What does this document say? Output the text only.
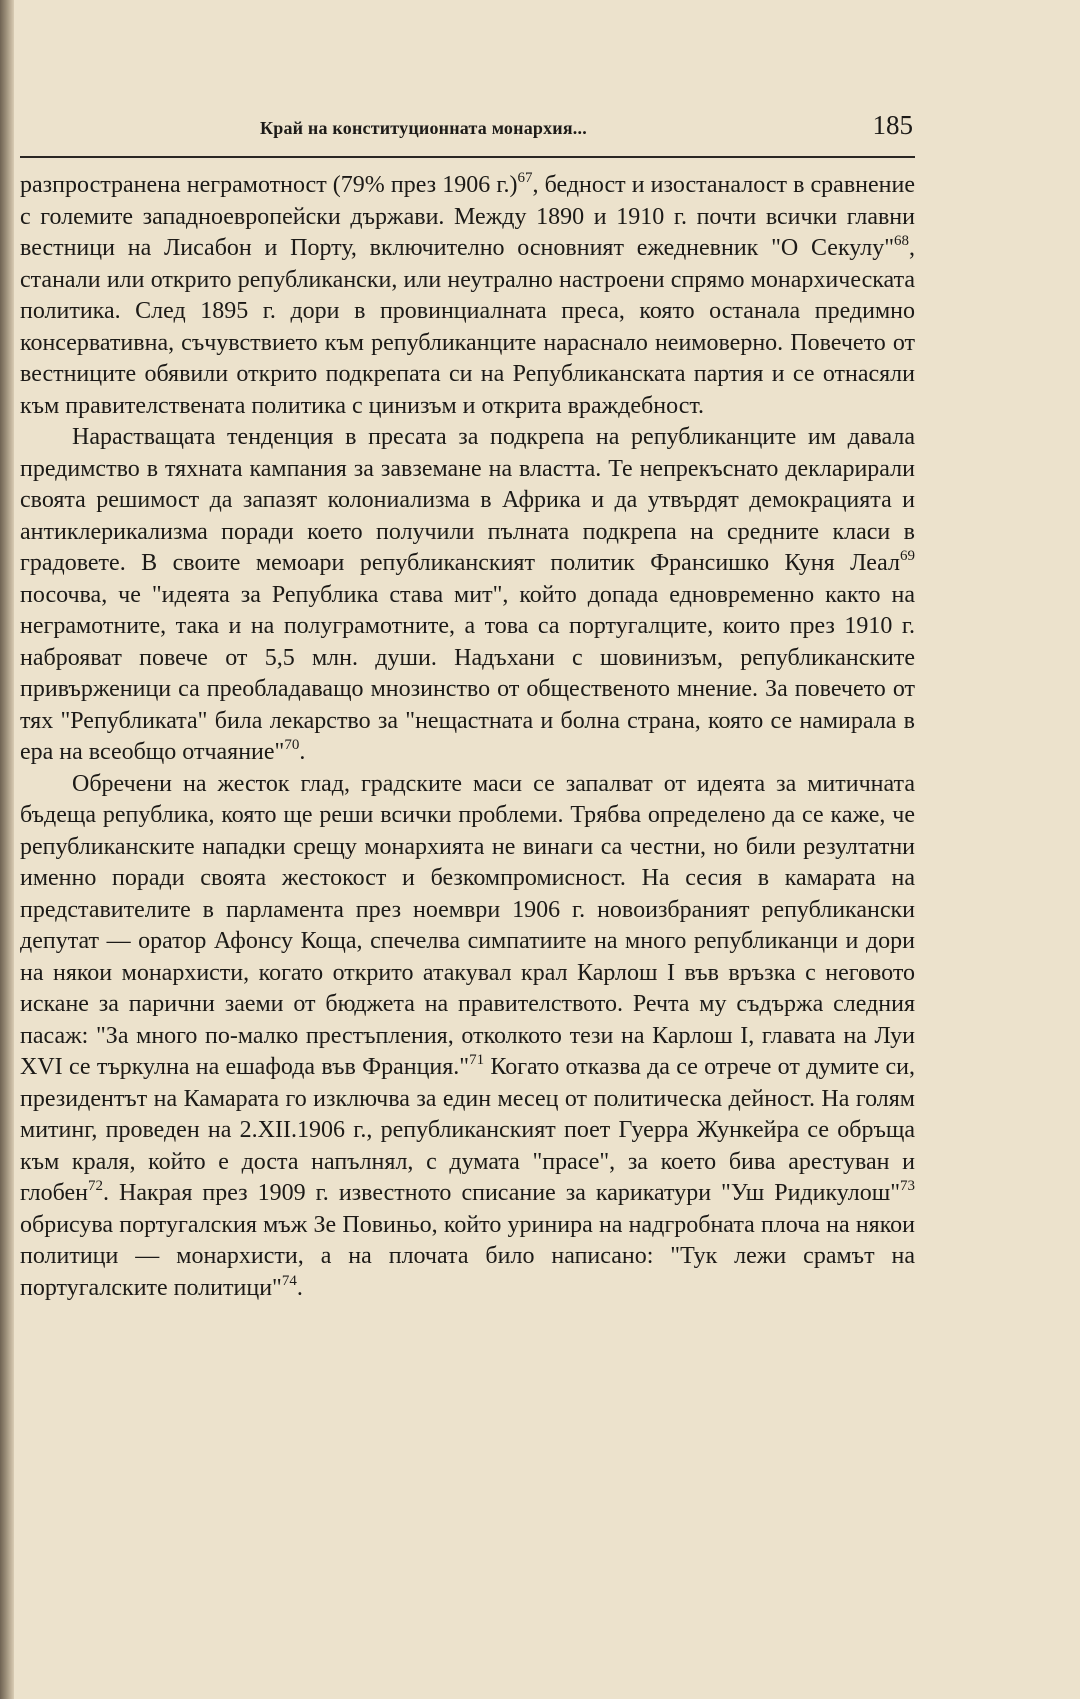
Край на конституционната монархия...	185

разпространена неграмотност (79% през 1906 г.)$^{67}$, бедност и изостаналост в сравнение с големите западноевропейски държави. Между 1890 и 1910 г. почти всички главни вестници на Лисабон и Порту, включително основният ежедневник "О Секулу"$^{68}$, станали или открито републикански, или неутрално настроени спрямо монархическата политика. След 1895 г. дори в провинциалната преса, която останала предимно консервативна, съчувствието към републиканците нараснало неимоверно. Повечето от вестниците обявили открито подкрепата си на Републиканската партия и се отнасяли към правителствената политика с цинизъм и открита враждебност.

Нарастващата тенденция в пресата за подкрепа на републиканците им давала предимство в тяхната кампания за завземане на властта. Те непрекъснато декларирали своята решимост да запазят колониализма в Африка и да утвърдят демокрацията и антиклерикализма поради което получили пълната подкрепа на средните класи в градовете. В своите мемоари републиканският политик Франсишко Куня Леал$^{69}$ посочва, че "идеята за Република става мит", който допада едновременно както на неграмотните, така и на полуграмотните, а това са португалците, които през 1910 г. наброяват повече от 5,5 млн. души. Надъхани с шовинизъм, републиканските привърженици са преобладаващо мнозинство от общественото мнение. За повечето от тях "Републиката" била лекарство за "нещастната и болна страна, която се намирала в ера на всеобщо отчаяние"$^{70}$.

Обречени на жесток глад, градските маси се запалват от идеята за митичната бъдеща република, която ще реши всички проблеми. Трябва определено да се каже, че републиканските нападки срещу монархията не винаги са честни, но били резултатни именно поради своята жестокост и безкомпромисност. На сесия в камарата на представителите в парламента през ноември 1906 г. новоизбраният републикански депутат — оратор Афонсу Коща, спечелва симпатиите на много републиканци и дори на някои монархисти, когато открито атакувал крал Карлош I във връзка с неговото искане за парични заеми от бюджета на правителството. Речта му съдържа следния пасаж: "За много по-малко престъпления, отколкото тези на Карлош I, главата на Луи XVI се търкулна на ешафода във Франция."$^{71}$ Когато отказва да се отрече от думите си, президентът на Камарата го изключва за един месец от политическа дейност. На голям митинг, проведен на 2.XII.1906 г., републиканският поет Гуерра Жункейра се обръща към краля, който е доста напълнял, с думата "прасе", за което бива арестуван и глобен$^{72}$. Накрая през 1909 г. известното списание за карикатури "Уш Ридикулош"$^{73}$ обрисува португалския мъж Зе Повиньо, който уринира на надгробната плоча на някои политици — монархисти, а на плочата било написано: "Тук лежи срамът на португалските политици"$^{74}$.
